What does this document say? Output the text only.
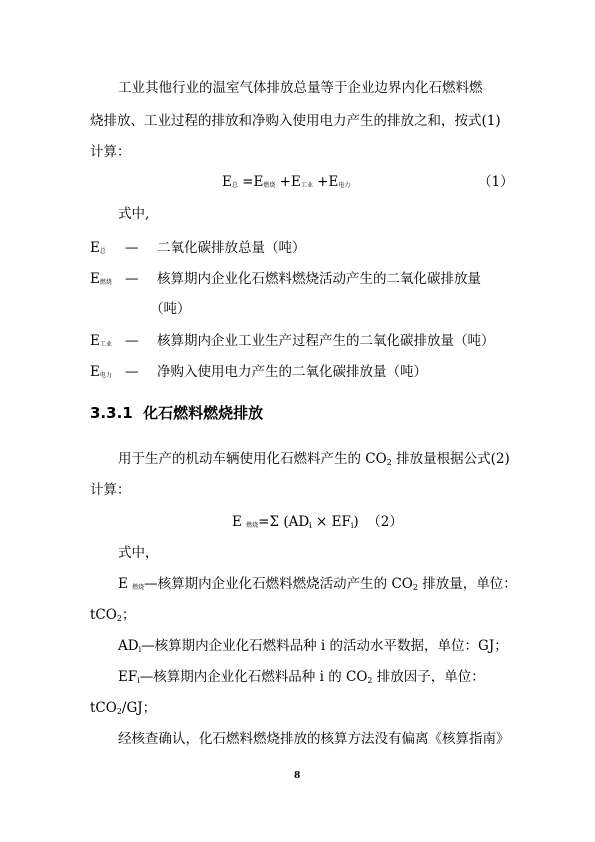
工业其他行业的温室气体排放总量等于企业边界内化石燃料燃
烧排放、工业过程的排放和净购入使用电力产生的排放之和，按式(1)
计算：
$E_总 =E_{燃烧} +E_{工业} +E_{电力}$	（1）
式中,
$E_总$ — 二氧化碳排放总量（吨）
$E_{燃烧}$ — 核算期内企业化石燃料燃烧活动产生的二氧化碳排放量
（吨）
$E_{工业}$ — 核算期内企业工业生产过程产生的二氧化碳排放量（吨）
$E_{电力}$ — 净购入使用电力产生的二氧化碳排放量（吨）
3.3.1 化石燃料燃烧排放
用于生产的机动车辆使用化石燃料产生的 $CO_2$ 排放量根据公式(2)
计算：
E $_{燃烧}$=Σ $(AD_i \times EF_i)$ （2）
式中，
E $_{燃烧}$—核算期内企业化石燃料燃烧活动产生的 $CO_2$ 排放量，单位：
tCO$_2$；
$AD_i—$核算期内企业化石燃料品种 i 的活动水平数据，单位：GJ；
$EF_i—$核算期内企业化石燃料品种 i 的 $CO_2$ 排放因子，单位：
tCO$_2$/GJ；
经核查确认，化石燃料燃烧排放的核算方法没有偏离《核算指南》
8
